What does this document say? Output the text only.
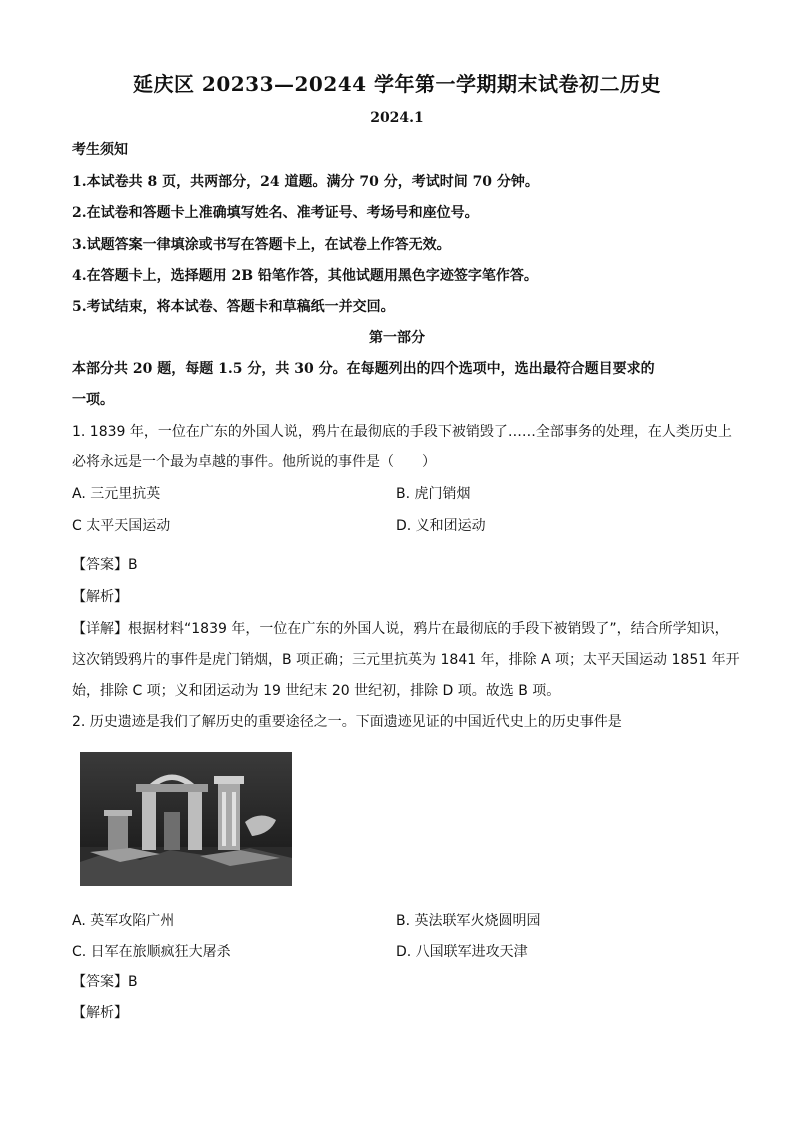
延庆区 20233—20244 学年第一学期期末试卷初二历史
2024.1
考生须知
1.本试卷共 8 页，共两部分，24 道题。满分 70 分，考试时间 70 分钟。
2.在试卷和答题卡上准确填写姓名、准考证号、考场号和座位号。
3.试题答案一律填涂或书写在答题卡上，在试卷上作答无效。
4.在答题卡上，选择题用 2B 铅笔作答，其他试题用黑色字迹签字笔作答。
5.考试结束，将本试卷、答题卡和草稿纸一并交回。
第一部分
本部分共 20 题，每题 1.5 分，共 30 分。在每题列出的四个选项中，选出最符合题目要求的
一项。
1. 1839 年，一位在广东的外国人说，鸦片在最彻底的手段下被销毁了……全部事务的处理，在人类历史上
必将永远是一个最为卓越的事件。他所说的事件是（　　）
A. 三元里抗英	B. 虎门销烟
C 太平天国运动	D. 义和团运动
【答案】B
【解析】
【详解】根据材料“1839 年，一位在广东的外国人说，鸦片在最彻底的手段下被销毁了”，结合所学知识，
这次销毁鸦片的事件是虎门销烟，B 项正确；三元里抗英为 1841 年，排除 A 项；太平天国运动 1851 年开
始，排除 C 项；义和团运动为 19 世纪末 20 世纪初，排除 D 项。故选 B 项。
2. 历史遗迹是我们了解历史的重要途径之一。下面遗迹见证的中国近代史上的历史事件是
A. 英军攻陷广州	B. 英法联军火烧圆明园
C. 日军在旅顺疯狂大屠杀	D. 八国联军进攻天津
【答案】B
【解析】
